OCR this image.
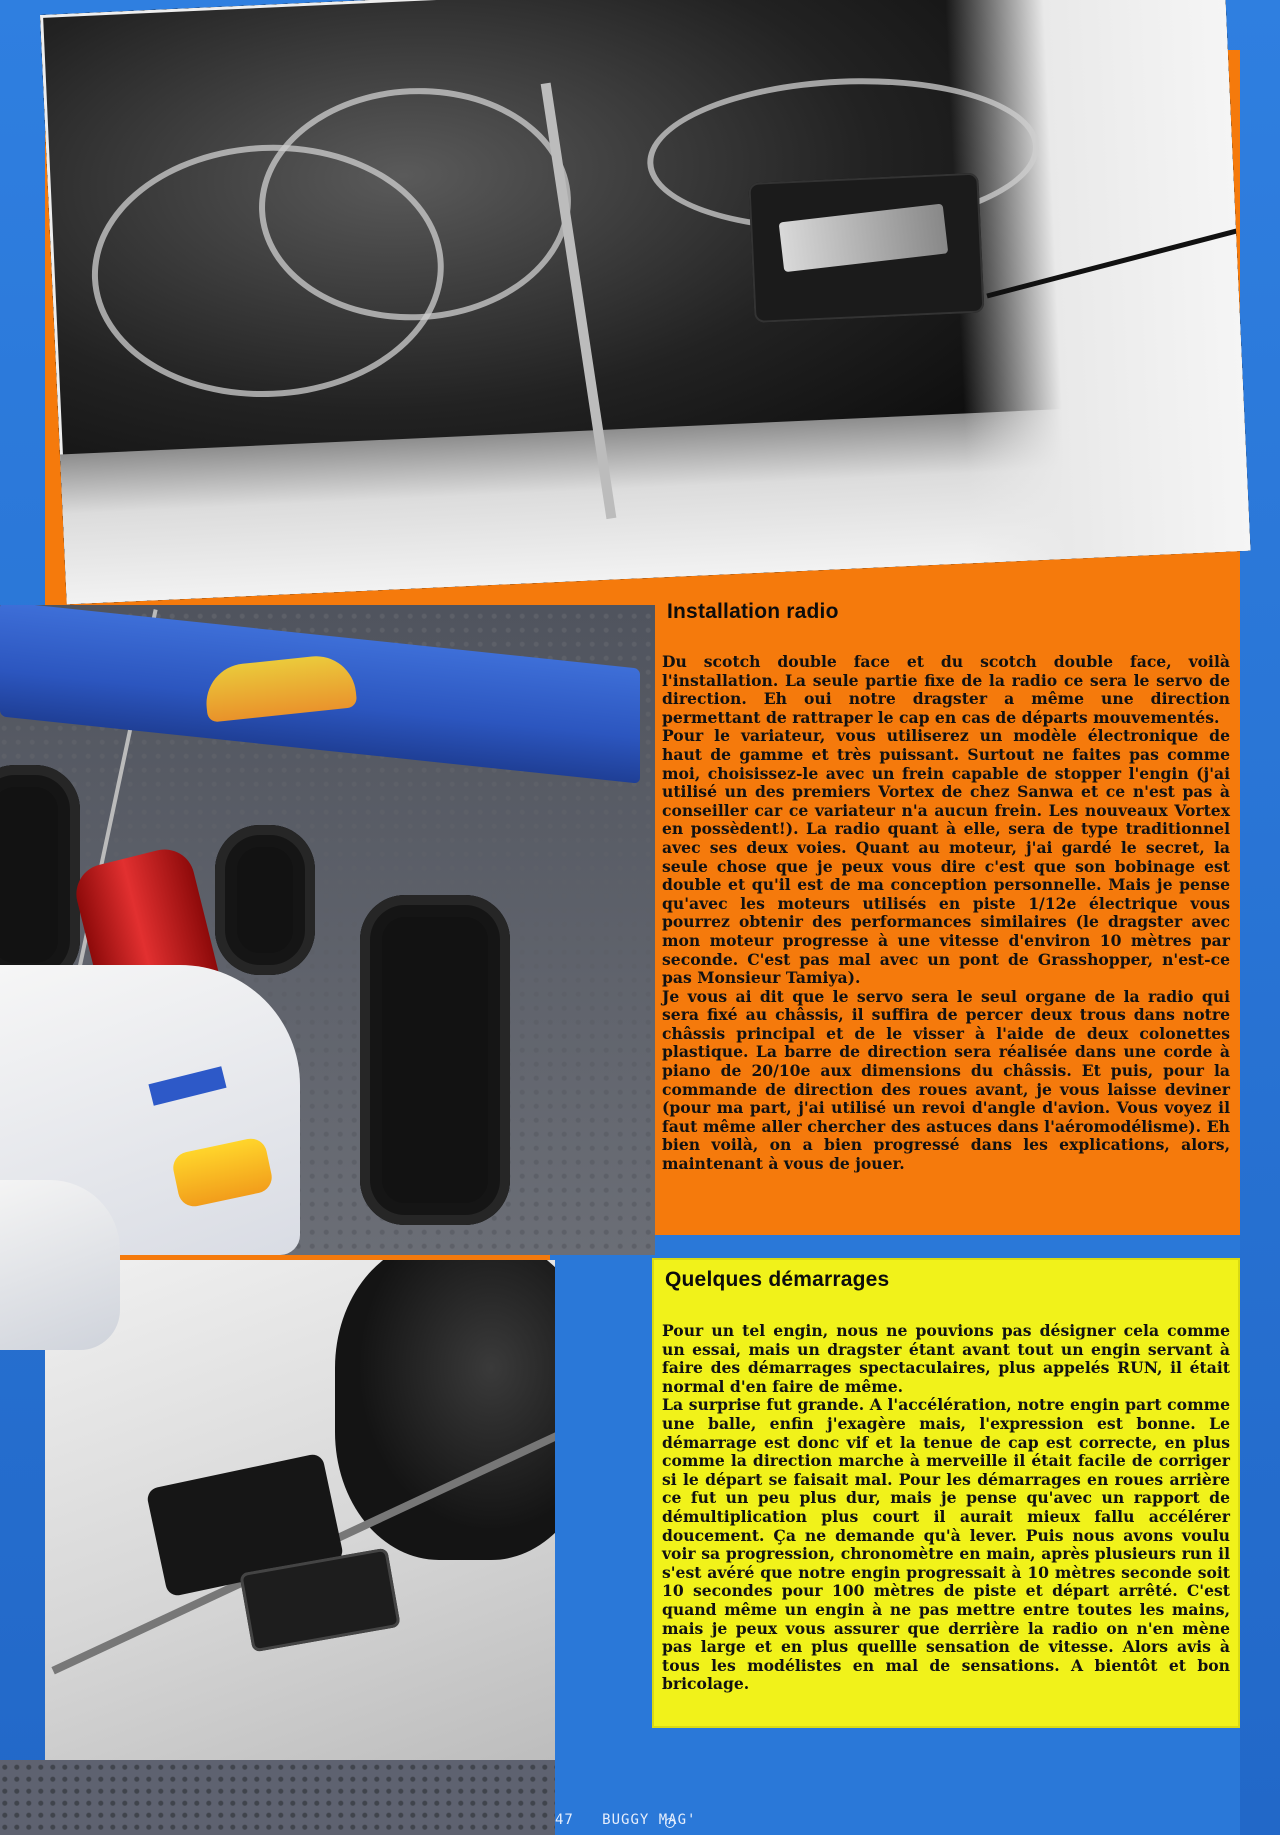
Installation radio

Du scotch double face et du scotch double face, voilà l'installation. La seule partie fixe de la radio ce sera le servo de direction. Eh oui notre dragster a même une direction permettant de rattraper le cap en cas de départs mouvementés.

Pour le variateur, vous utiliserez un modèle électronique de haut de gamme et très puissant. Surtout ne faites pas comme moi, choisissez-le avec un frein capable de stopper l'engin (j'ai utilisé un des premiers Vortex de chez Sanwa et ce n'est pas à conseiller car ce variateur n'a aucun frein. Les nouveaux Vortex en possèdent!). La radio quant à elle, sera de type traditionnel avec ses deux voies. Quant au moteur, j'ai gardé le secret, la seule chose que je peux vous dire c'est que son bobinage est double et qu'il est de ma conception personnelle. Mais je pense qu'avec les moteurs utilisés en piste 1/12e électrique vous pourrez obtenir des performances similaires (le dragster avec mon moteur progresse à une vitesse d'environ 10 mètres par seconde. C'est pas mal avec un pont de Grasshopper, n'est-ce pas Monsieur Tamiya).

Je vous ai dit que le servo sera le seul organe de la radio qui sera fixé au châssis, il suffira de percer deux trous dans notre châssis principal et de le visser à l'aide de deux colonettes plastique. La barre de direction sera réalisée dans une corde à piano de 20/10e aux dimensions du châssis. Et puis, pour la commande de direction des roues avant, je vous laisse deviner (pour ma part, j'ai utilisé un revoi d'angle d'avion. Vous voyez il faut même aller chercher des astuces dans l'aéromodélisme). Eh bien voilà, on a bien progressé dans les explications, alors, maintenant à vous de jouer.

Quelques démarrages

Pour un tel engin, nous ne pouvions pas désigner cela comme un essai, mais un dragster étant avant tout un engin servant à faire des démarrages spectaculaires, plus appelés RUN, il était normal d'en faire de même.

La surprise fut grande. A l'accélération, notre engin part comme une balle, enfin j'exagère mais, l'expression est bonne. Le démarrage est donc vif et la tenue de cap est correcte, en plus comme la direction marche à merveille il était facile de corriger si le départ se faisait mal. Pour les démarrages en roues arrière ce fut un peu plus dur, mais je pense qu'avec un rapport de démultiplication plus court il aurait mieux fallu accélérer doucement. Ça ne demande qu'à lever. Puis nous avons voulu voir sa progression, chronomètre en main, après plusieurs run il s'est avéré que notre engin progressait à 10 mètres seconde soit 10 secondes pour 100 mètres de piste et départ arrêté. C'est quand même un engin à ne pas mettre entre toutes les mains, mais je peux vous assurer que derrière la radio on n'en mène pas large et en plus quellle sensation de vitesse. Alors avis à tous les modélistes en mal de sensations. A bientôt et bon bricolage.

47 BUGGY MAG'
